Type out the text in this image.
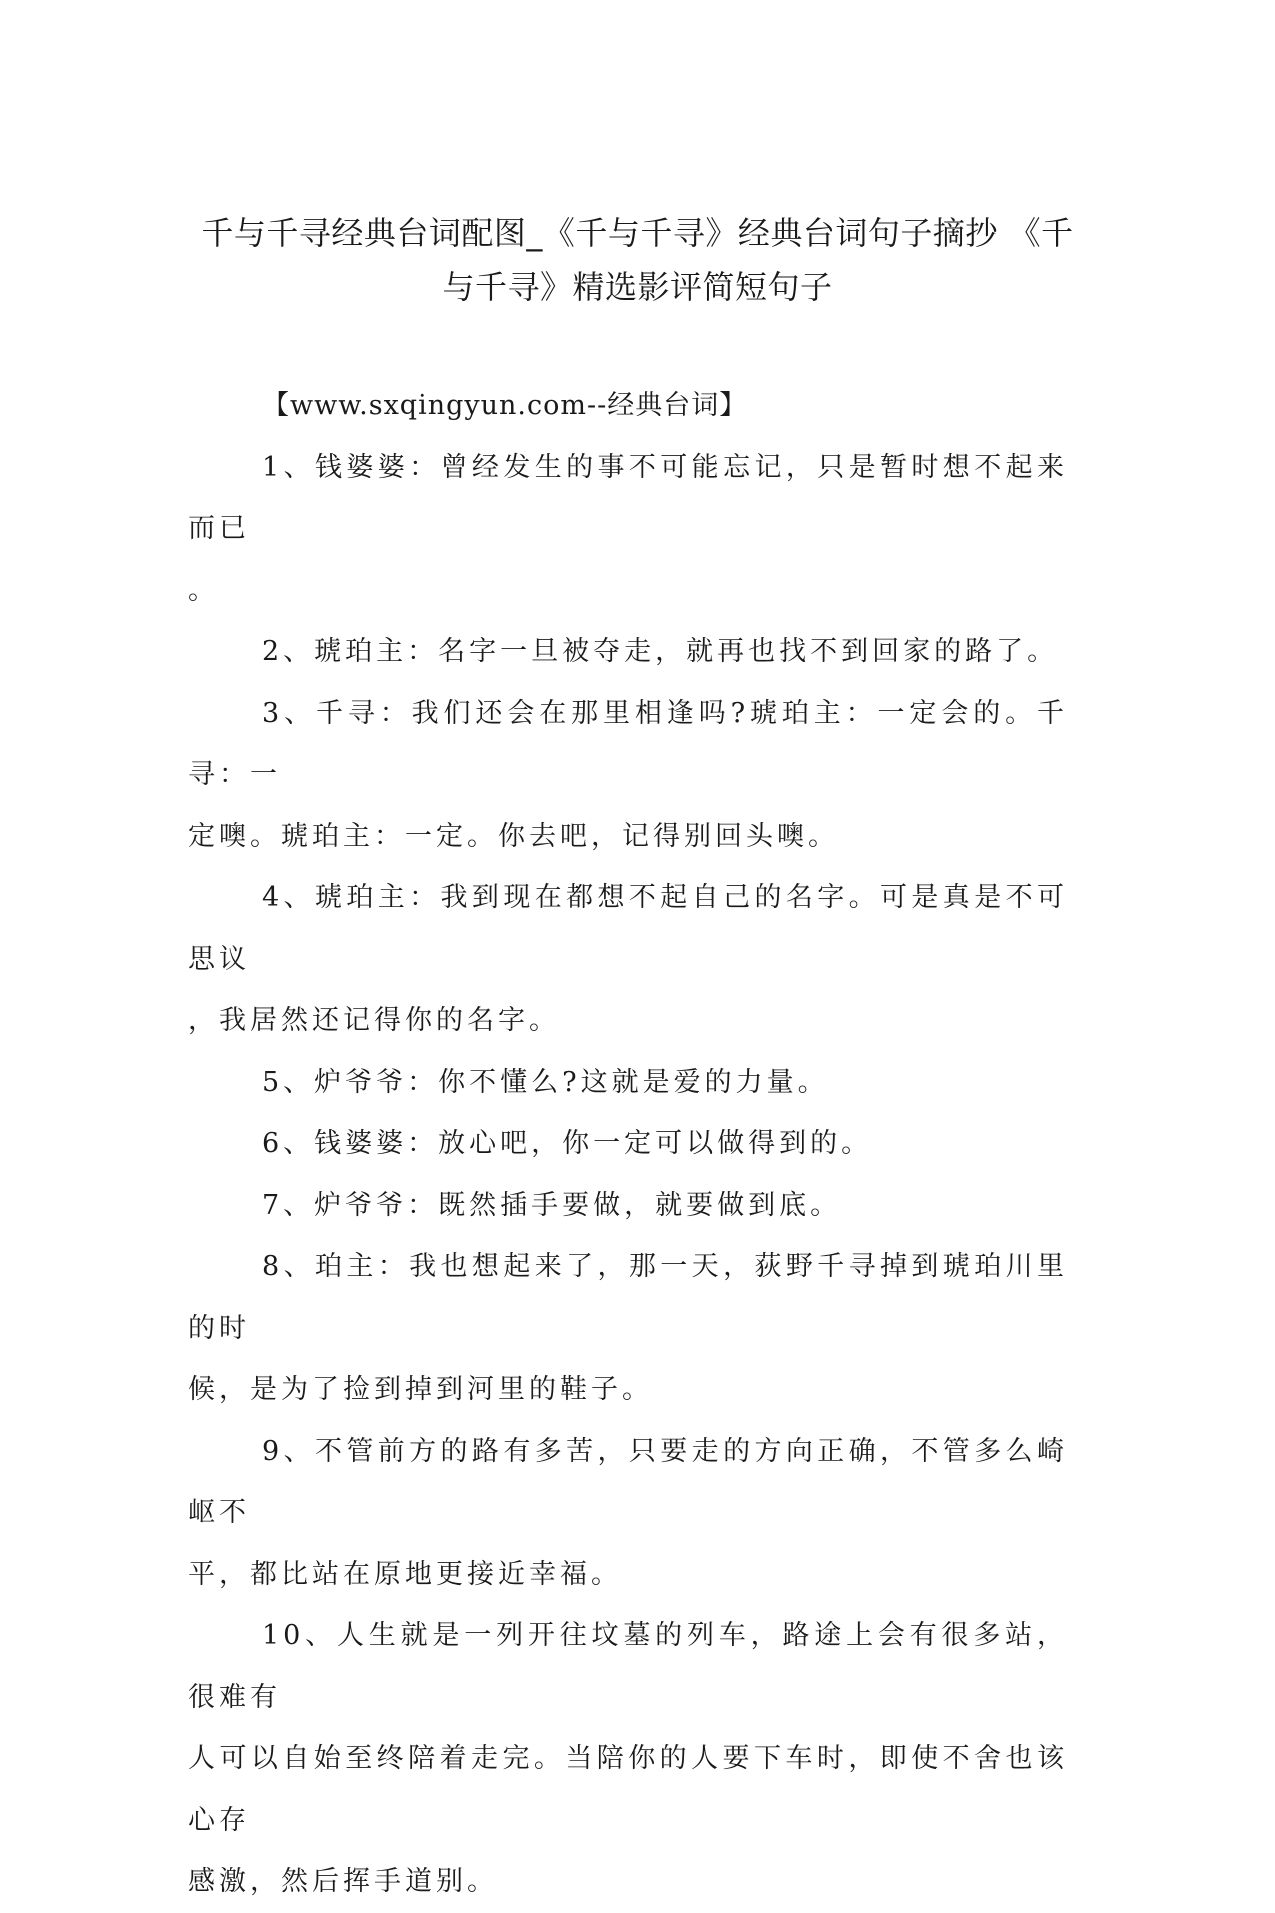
千与千寻经典台词配图_《千与千寻》经典台词句子摘抄 《千
与千寻》精选影评简短句子

【www.sxqingyun.com--经典台词】

1、钱婆婆：曾经发生的事不可能忘记，只是暂时想不起来而已

。

2、琥珀主：名字一旦被夺走，就再也找不到回家的路了。

3、千寻：我们还会在那里相逢吗?琥珀主：一定会的。千寻：一

定噢。琥珀主：一定。你去吧，记得别回头噢。

4、琥珀主：我到现在都想不起自己的名字。可是真是不可思议

，我居然还记得你的名字。

5、炉爷爷：你不懂么?这就是爱的力量。

6、钱婆婆：放心吧，你一定可以做得到的。

7、炉爷爷：既然插手要做，就要做到底。

8、珀主：我也想起来了，那一天，荻野千寻掉到琥珀川里的时

候，是为了捡到掉到河里的鞋子。

9、不管前方的路有多苦，只要走的方向正确，不管多么崎岖不

平，都比站在原地更接近幸福。

10、人生就是一列开往坟墓的列车，路途上会有很多站，很难有

人可以自始至终陪着走完。当陪你的人要下车时，即使不舍也该心存

感激，然后挥手道别。
